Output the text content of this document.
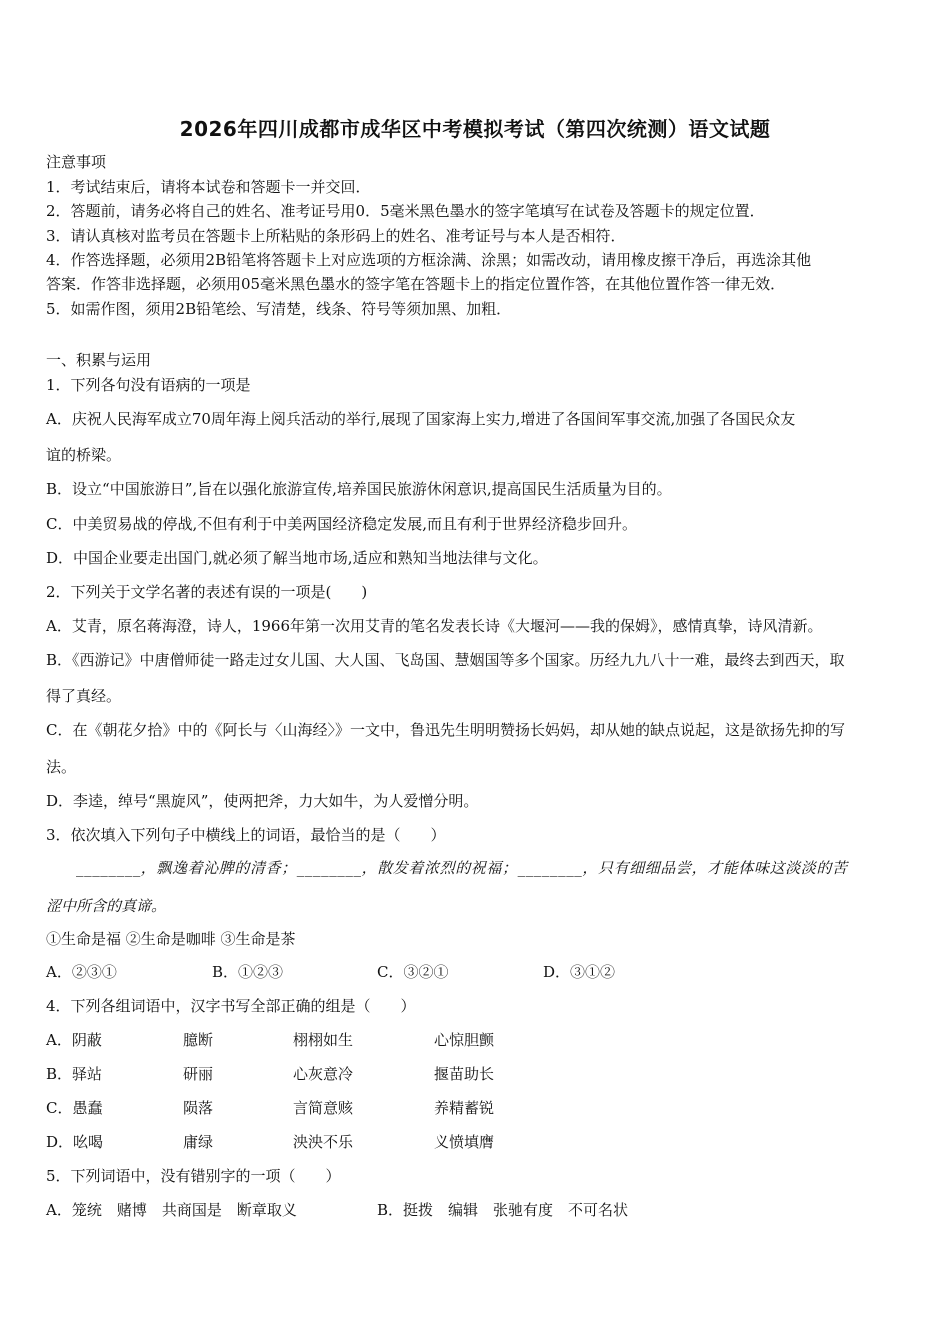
2026年四川成都市成华区中考模拟考试（第四次统测）语文试题
注意事项
1．考试结束后，请将本试卷和答题卡一并交回．
2．答题前，请务必将自己的姓名、准考证号用0．5毫米黑色墨水的签字笔填写在试卷及答题卡的规定位置．
3．请认真核对监考员在答题卡上所粘贴的条形码上的姓名、准考证号与本人是否相符．
4．作答选择题，必须用2B铅笔将答题卡上对应选项的方框涂满、涂黑；如需改动，请用橡皮擦干净后，再选涂其他
答案．作答非选择题，必须用05毫米黑色墨水的签字笔在答题卡上的指定位置作答，在其他位置作答一律无效．
5．如需作图，须用2B铅笔绘、写清楚，线条、符号等须加黑、加粗．
一、积累与运用
1．下列各句没有语病的一项是
A．庆祝人民海军成立70周年海上阅兵活动的举行,展现了国家海上实力,增进了各国间军事交流,加强了各国民众友
谊的桥梁。
B．设立“中国旅游日”,旨在以强化旅游宣传,培养国民旅游休闲意识,提高国民生活质量为目的。
C．中美贸易战的停战,不但有利于中美两国经济稳定发展,而且有利于世界经济稳步回升。
D．中国企业要走出国门,就必须了解当地市场,适应和熟知当地法律与文化。
2．下列关于文学名著的表述有误的一项是(　　)
A．艾青，原名蒋海澄，诗人，1966年第一次用艾青的笔名发表长诗《大堰河——我的保姆》，感情真挚，诗风清新。
B．《西游记》中唐僧师徒一路走过女儿国、大人国、飞岛国、慧姻国等多个国家。历经九九八十一难，最终去到西天，取
得了真经。
C．在《朝花夕拾》中的《阿长与〈山海经〉》一文中，鲁迅先生明明赞扬长妈妈，却从她的缺点说起，这是欲扬先抑的写
法。
D．李逵，绰号“黑旋风”，使两把斧，力大如牛，为人爱憎分明。
3．依次填入下列句子中横线上的词语，最恰当的是（　　）
________，飘逸着沁脾的清香；________，散发着浓烈的祝福；________，只有细细品尝，才能体味这淡淡的苦
涩中所含的真谛。
①生命是福 ②生命是咖啡 ③生命是茶
A．②③①	B．①②③	C．③②①	D．③①②
4．下列各组词语中，汉字书写全部正确的组是（　　）
A．阴蔽	臆断	栩栩如生	心惊胆颤
B．驿站	研丽	心灰意冷	揠苗助长
C．愚蠢	陨落	言简意赅	养精蓄锐
D．吆喝	庸绿	泱泱不乐	义愤填膺
5．下列词语中，没有错别字的一项（　　）
A．笼统　赌博　共商国是　断章取义	B．挺拨　编辑　张驰有度　不可名状
